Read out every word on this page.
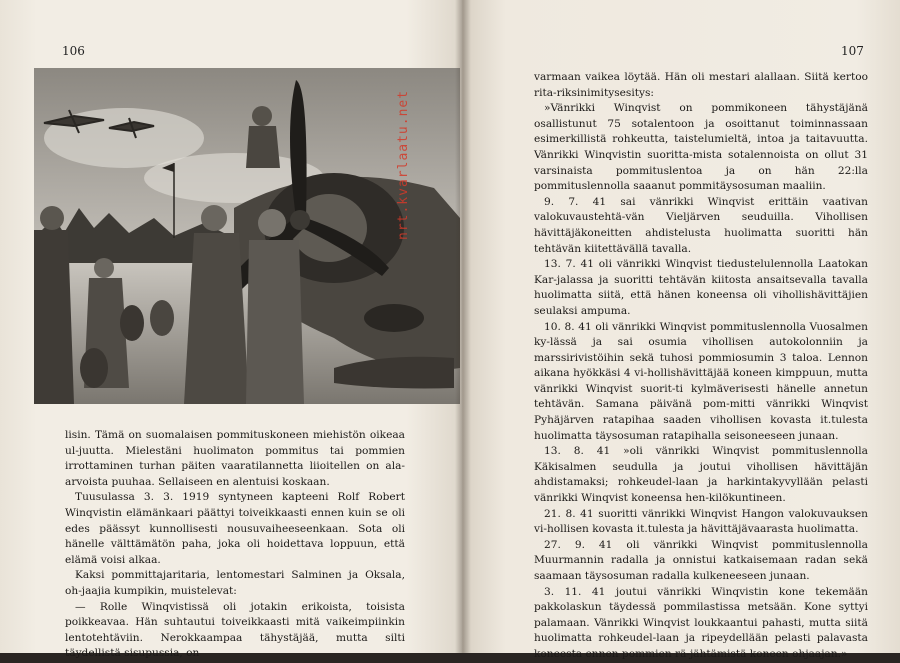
106
nrt.kvarlaatu.net

lisin. Tämä on suomalaisen pommituskoneen miehistön oikeaa ul-juutta. Mielestäni huolimaton pommitus tai pommien irrottaminen turhan päiten vaaratilannetta liioitellen on ala-arvoista puuhaa. Sellaiseen en alentuisi koskaan.

Tuusulassa 3. 3. 1919 syntyneen kapteeni Rolf Robert Winqvistin elämänkaari päättyi toiveikkaasti ennen kuin se oli edes päässyt kunnollisesti nousuvaiheeseenkaan. Sota oli hänelle välttämätön paha, joka oli hoidettava loppuun, että elämä voisi alkaa.

Kaksi pommittajaritaria, lentomestari Salminen ja Oksala, oh-jaajia kumpikin, muistelevat:

— Rolle Winqvistissä oli jotakin erikoista, toisista poikkeavaa. Hän suhtautui toiveikkaasti mitä vaikeimpiinkin lentotehtäviin. Nerokkaampaa tähystäjää, mutta silti täydellistä sisupussia, on

107

varmaan vaikea löytää. Hän oli mestari alallaan. Siitä kertoo rita-riksinimitysesitys:

»Vänrikki Winqvist on pommikoneen tähystäjänä osallistunut 75 sotalentoon ja osoittanut toiminnassaan esimerkillistä rohkeutta, taistelumieltä, intoa ja taitavuutta. Vänrikki Winqvistin suoritta-mista sotalennoista on ollut 31 varsinaista pommituslentoa ja on hän 22:lla pommituslennolla saaanut pommitäysosuman maaliin.

9. 7. 41 sai vänrikki Winqvist erittäin vaativan valokuvaustehtä-vän Vieljärven seuduilla. Vihollisen hävittäjäkoneitten ahdistelusta huolimatta suoritti hän tehtävän kiitettävällä tavalla.

13. 7. 41 oli vänrikki Winqvist tiedustelulennolla Laatokan Kar-jalassa ja suoritti tehtävän kiitosta ansaitsevalla tavalla huolimatta siitä, että hänen koneensa oli vihollishävittäjien seulaksi ampuma.

10. 8. 41 oli vänrikki Winqvist pommituslennolla Vuosalmen ky-lässä ja sai osumia vihollisen autokolonniin ja marssirivistöihin sekä tuhosi pommiosumin 3 taloa. Lennon aikana hyökkäsi 4 vi-hollishävittäjää koneen kimppuun, mutta vänrikki Winqvist suorit-ti kylmäverisesti hänelle annetun tehtävän. Samana päivänä pom-mitti vänrikki Winqvist Pyhäjärven ratapihaa saaden vihollisen kovasta it.tulesta huolimatta täysosuman ratapihalla seisoneeseen junaan.

13. 8. 41 »oli vänrikki Winqvist pommituslennolla Käkisalmen seudulla ja joutui vihollisen hävittäjän ahdistamaksi; rohkeudel-laan ja harkintakyvyllään pelasti vänrikki Winqvist koneensa hen-kilökuntineen.

21. 8. 41 suoritti vänrikki Winqvist Hangon valokuvauksen vi-hollisen kovasta it.tulesta ja hävittäjävaarasta huolimatta.

27. 9. 41 oli vänrikki Winqvist pommituslennolla Muurmannin radalla ja onnistui katkaisemaan radan sekä saamaan täysosuman radalla kulkeneeseen junaan.

3. 11. 41 joutui vänrikki Winqvistin kone tekemään pakkolaskun täydessä pommilastissa metsään. Kone syttyi palamaan. Vänrikki Winqvist loukkaantui pahasti, mutta siitä huolimatta rohkeudel-laan ja ripeydellään pelasti palavasta koneesta ennen pommien rä-jähtämistä koneen ohjaajan.»
